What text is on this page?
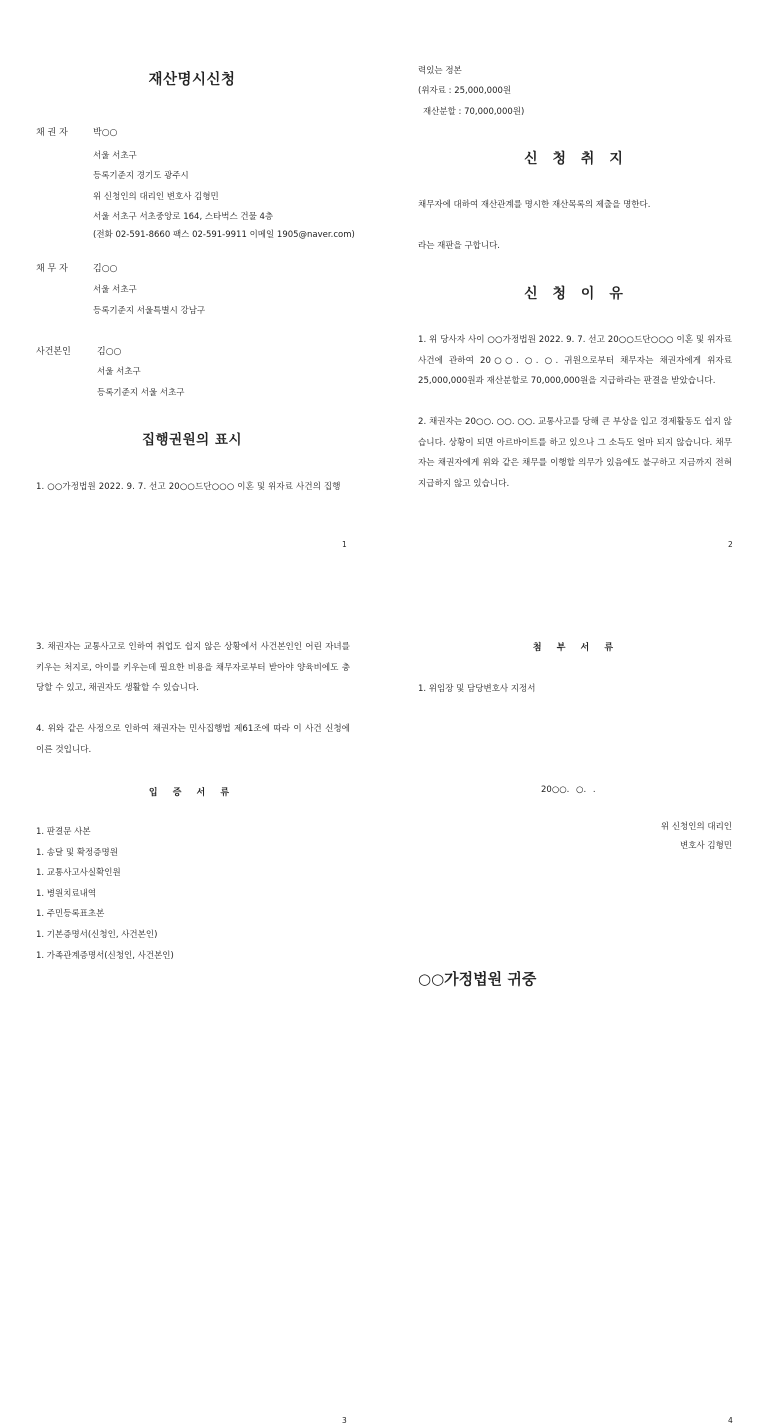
재산명시신청
채 권 자	박○○
서울 서초구
등록기준지 경기도 광주시
위 신청인의 대리인 변호사 김형민
서울 서초구 서초중앙로 164, 스타벅스 건물 4층
(전화 02-591-8660 팩스 02-591-9911 이메일 1905@naver.com)
채 무 자	김○○
서울 서초구
등록기준지 서울특별시 강남구
사건본인	김○○
서울 서초구
등록기준지 서울 서초구
집행권원의 표시
1. ○○가정법원 2022. 9. 7. 선고 20○○드단○○○ 이혼 및 위자료 사건의 집행
1
력있는 정본
(위자료 : 25,000,000원
재산분할 : 70,000,000원)
신 청 취 지
채무자에 대하여 재산관계를 명시한 재산목록의 제출을 명한다.
라는 재판을 구합니다.
신 청 이 유
1. 위 당사자 사이 ○○가정법원 2022. 9. 7. 선고 20○○드단○○○ 이혼 및 위자료 사건에 관하여 20○○. ○. ○. 귀원으로부터 채무자는 채권자에게 위자료 25,000,000원과 재산분할로 70,000,000원을 지급하라는 판결을 받았습니다.
2. 채권자는 20○○. ○○. ○○. 교통사고를 당해 큰 부상을 입고 경제활동도 쉽지 않습니다. 상황이 되면 아르바이트를 하고 있으나 그 소득도 얼마 되지 않습니다. 채무자는 채권자에게 위와 같은 채무를 이행할 의무가 있음에도 불구하고 지금까지 전혀 지급하지 않고 있습니다.
2
3. 채권자는 교통사고로 인하여 취업도 쉽지 않은 상황에서 사건본인인 어린 자녀를 키우는 처지로, 아이를 키우는데 필요한 비용을 채무자로부터 받아야 양육비에도 충당할 수 있고, 채권자도 생활할 수 있습니다.
4. 위와 같은 사정으로 인하여 채권자는 민사집행법 제61조에 따라 이 사건 신청에 이른 것입니다.
입 증 서 류
1. 판결문 사본
1. 송달 및 확정증명원
1. 교통사고사실확인원
1. 병원치료내역
1. 주민등록표초본
1. 기본증명서(신청인, 사건본인)
1. 가족관계증명서(신청인, 사건본인)
3
첨 부 서 류
1. 위임장 및 담당변호사 지정서
20○○. ○. .
위 신청인의 대리인
변호사 김형민
○○가정법원 귀중
4
